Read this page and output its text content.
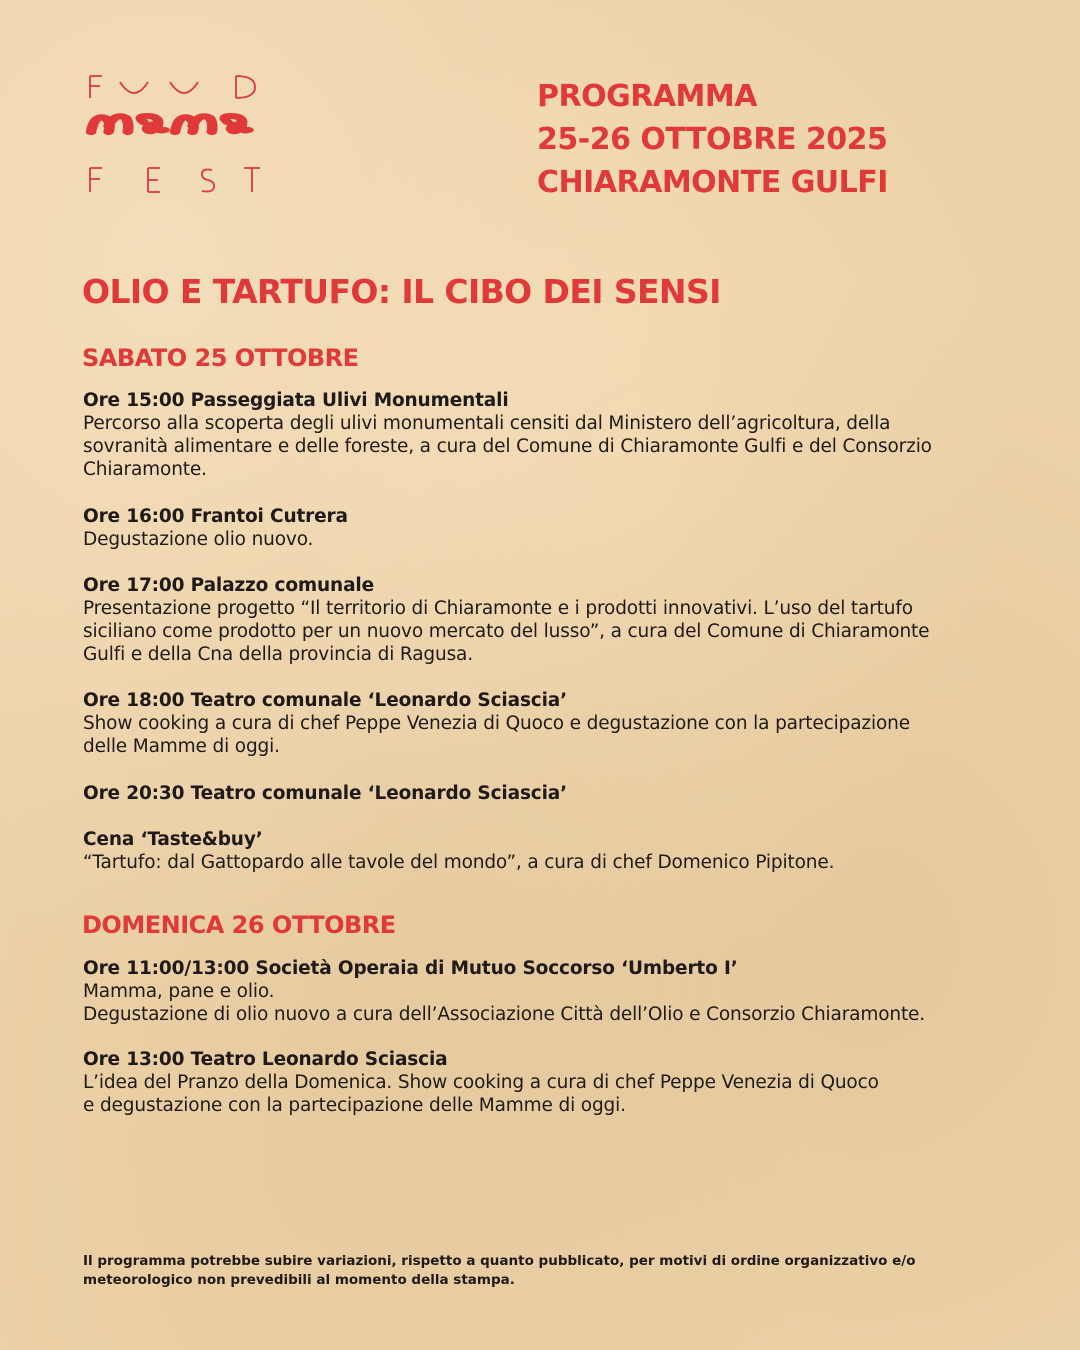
PROGRAMMA
25-26 OTTOBRE 2025
CHIARAMONTE GULFI
OLIO E TARTUFO: IL CIBO DEI SENSI
SABATO 25 OTTOBRE
Ore 15:00 Passeggiata Ulivi Monumentali
Percorso alla scoperta degli ulivi monumentali censiti dal Ministero dell’agricoltura, della
sovranità alimentare e delle foreste, a cura del Comune di Chiaramonte Gulfi e del Consorzio
Chiaramonte.
Ore 16:00 Frantoi Cutrera
Degustazione olio nuovo.
Ore 17:00 Palazzo comunale
Presentazione progetto “Il territorio di Chiaramonte e i prodotti innovativi. L’uso del tartufo
siciliano come prodotto per un nuovo mercato del lusso”, a cura del Comune di Chiaramonte
Gulfi e della Cna della provincia di Ragusa.
Ore 18:00 Teatro comunale ‘Leonardo Sciascia’
Show cooking a cura di chef Peppe Venezia di Quoco e degustazione con la partecipazione
delle Mamme di oggi.
Ore 20:30 Teatro comunale ‘Leonardo Sciascia’
Cena ‘Taste&buy’
“Tartufo: dal Gattopardo alle tavole del mondo”, a cura di chef Domenico Pipitone.
DOMENICA 26 OTTOBRE
Ore 11:00/13:00 Società Operaia di Mutuo Soccorso ‘Umberto I’
Mamma, pane e olio.
Degustazione di olio nuovo a cura dell’Associazione Città dell’Olio e Consorzio Chiaramonte.
Ore 13:00 Teatro Leonardo Sciascia
L’idea del Pranzo della Domenica. Show cooking a cura di chef Peppe Venezia di Quoco
e degustazione con la partecipazione delle Mamme di oggi.
Il programma potrebbe subire variazioni, rispetto a quanto pubblicato, per motivi di ordine organizzativo e/o
meteorologico non prevedibili al momento della stampa.
